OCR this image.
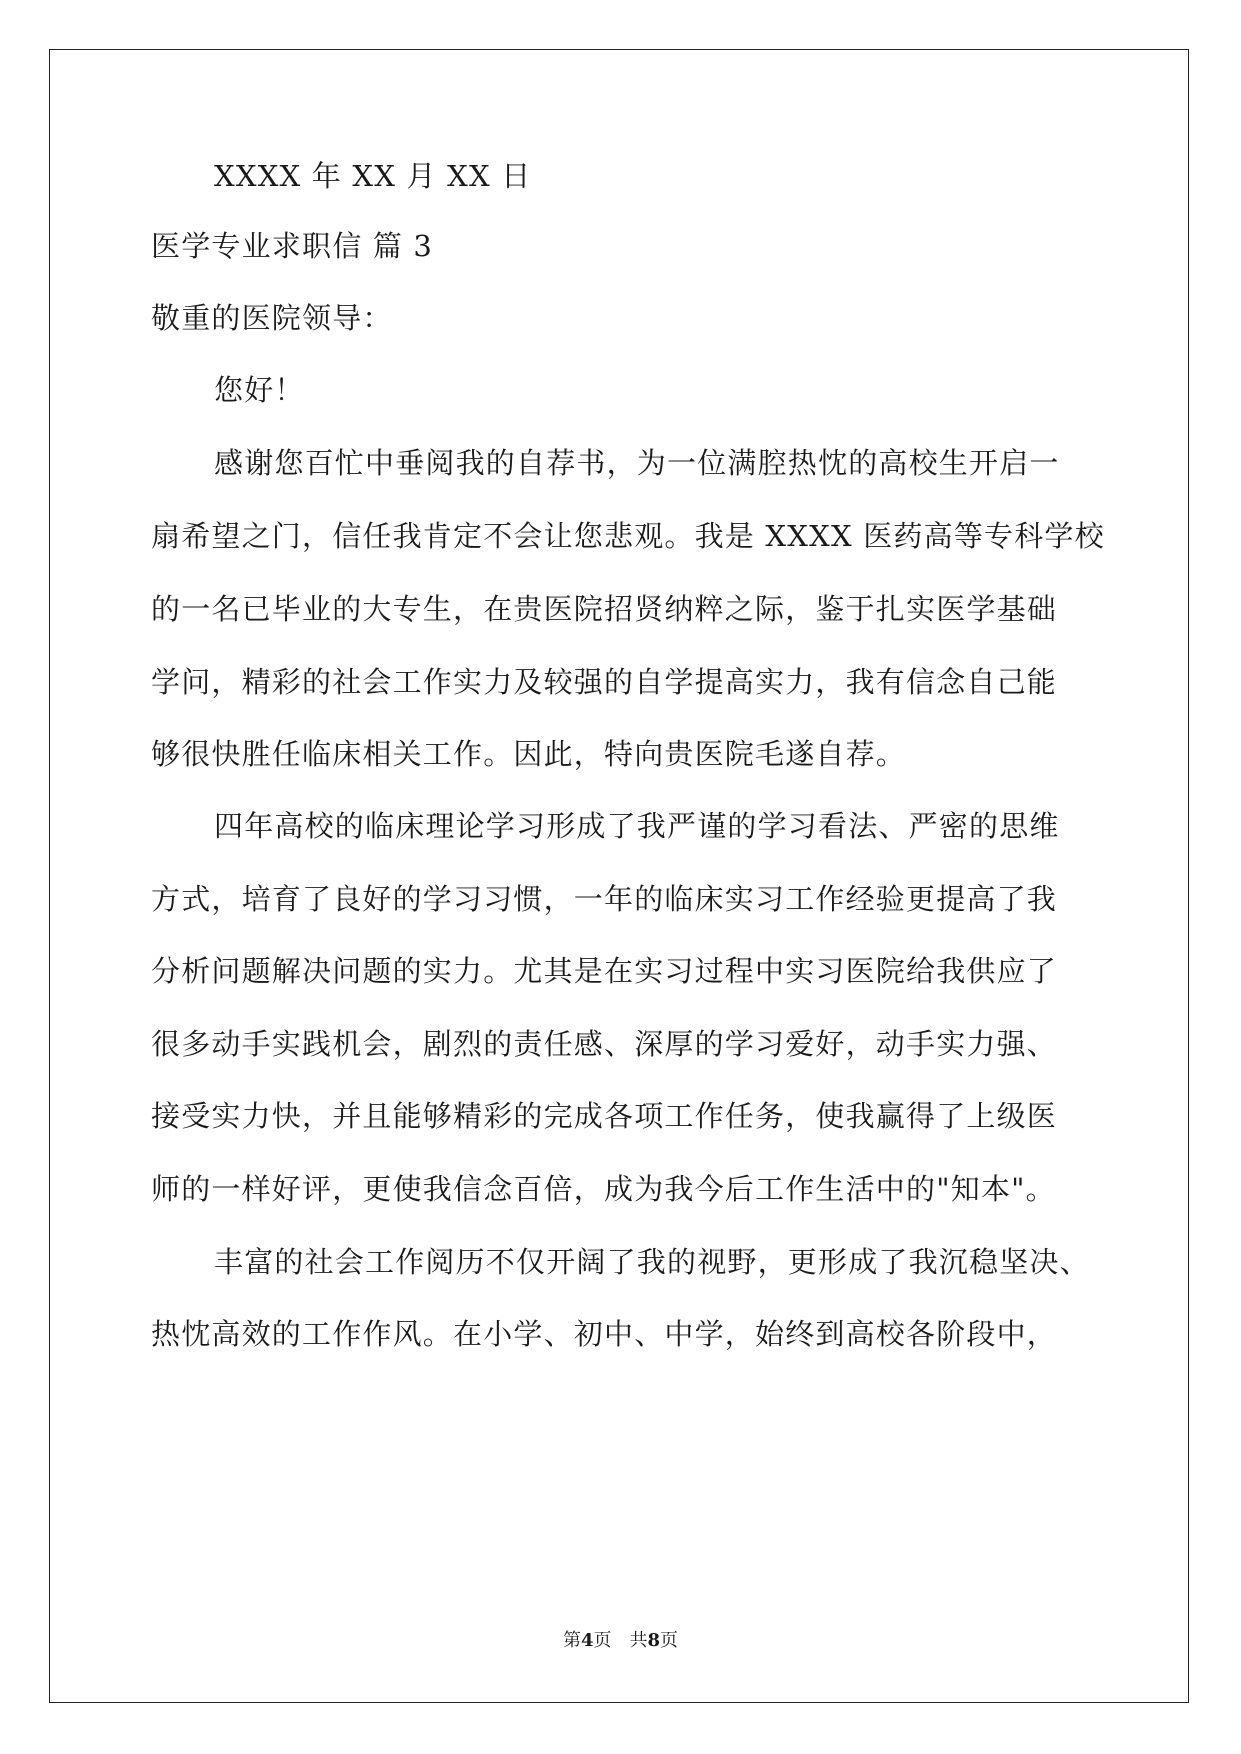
XXXX 年 XX 月 XX 日
医学专业求职信 篇 3
敬重的医院领导：
您好！
感谢您百忙中垂阅我的自荐书，为一位满腔热忱的高校生开启一
扇希望之门，信任我肯定不会让您悲观。我是 XXXX 医药高等专科学校
的一名已毕业的大专生，在贵医院招贤纳粹之际，鉴于扎实医学基础
学问，精彩的社会工作实力及较强的自学提高实力，我有信念自己能
够很快胜任临床相关工作。因此，特向贵医院毛遂自荐。
四年高校的临床理论学习形成了我严谨的学习看法、严密的思维
方式，培育了良好的学习习惯，一年的临床实习工作经验更提高了我
分析问题解决问题的实力。尤其是在实习过程中实习医院给我供应了
很多动手实践机会，剧烈的责任感、深厚的学习爱好，动手实力强、
接受实力快，并且能够精彩的完成各项工作任务，使我赢得了上级医
师的一样好评，更使我信念百倍，成为我今后工作生活中的"知本"。
丰富的社会工作阅历不仅开阔了我的视野，更形成了我沉稳坚决、
热忱高效的工作作风。在小学、初中、中学，始终到高校各阶段中，
第4页　共8页
